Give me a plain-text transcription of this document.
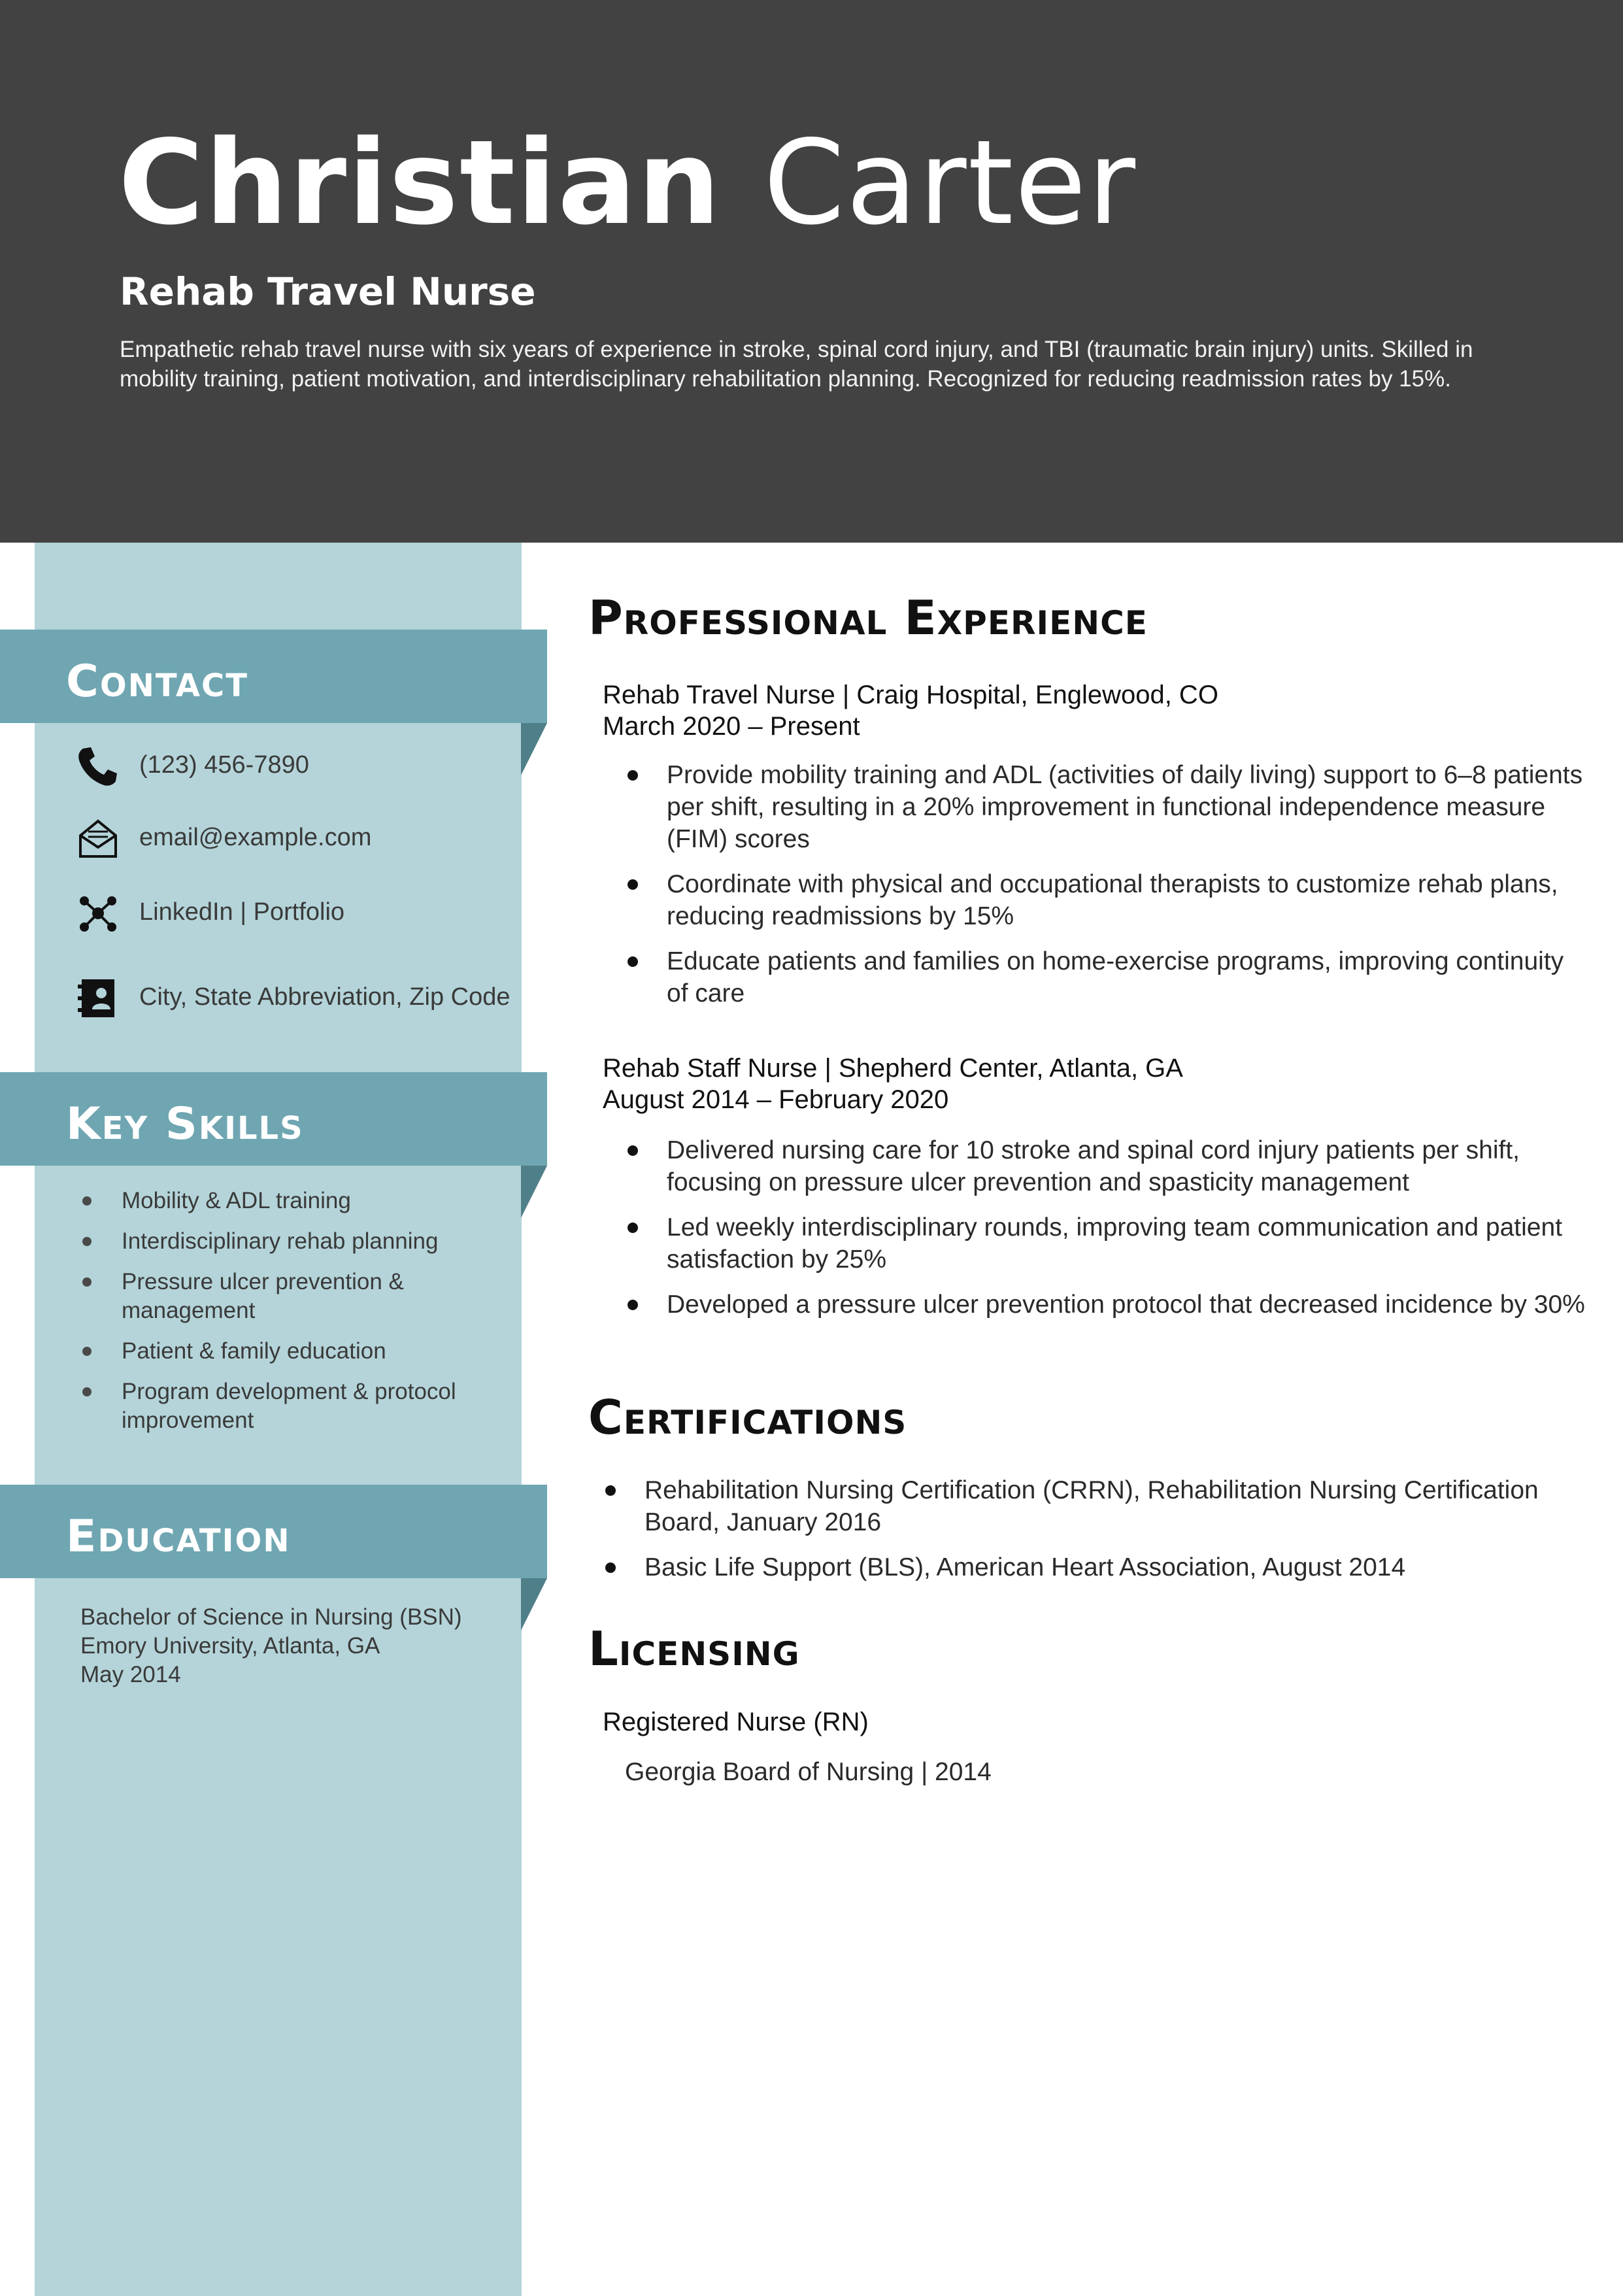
Christian Carter
Rehab Travel Nurse

Empathetic rehab travel nurse with six years of experience in stroke, spinal cord injury, and TBI (traumatic brain injury) units. Skilled in mobility training, patient motivation, and interdisciplinary rehabilitation planning. Recognized for reducing readmission rates by 15%.

Contact
(123) 456-7890
email@example.com
LinkedIn | Portfolio
City, State Abbreviation, Zip Code
Key Skills
Mobility & ADL training
Interdisciplinary rehab planning
Pressure ulcer prevention & management
Patient & family education
Program development & protocol improvement
Education
Bachelor of Science in Nursing (BSN)
Emory University, Atlanta, GA
May 2014
Professional Experience
Rehab Travel Nurse | Craig Hospital, Englewood, CO
March 2020 – Present
Provide mobility training and ADL (activities of daily living) support to 6–8 patients per shift, resulting in a 20% improvement in functional independence measure (FIM) scores
Coordinate with physical and occupational therapists to customize rehab plans, reducing readmissions by 15%
Educate patients and families on home-exercise programs, improving continuity of care
Rehab Staff Nurse | Shepherd Center, Atlanta, GA
August 2014 – February 2020
Delivered nursing care for 10 stroke and spinal cord injury patients per shift, focusing on pressure ulcer prevention and spasticity management
Led weekly interdisciplinary rounds, improving team communication and patient satisfaction by 25%
Developed a pressure ulcer prevention protocol that decreased incidence by 30%
Certifications
Rehabilitation Nursing Certification (CRRN), Rehabilitation Nursing Certification Board, January 2016
Basic Life Support (BLS), American Heart Association, August 2014
Licensing
Registered Nurse (RN)
Georgia Board of Nursing | 2014
